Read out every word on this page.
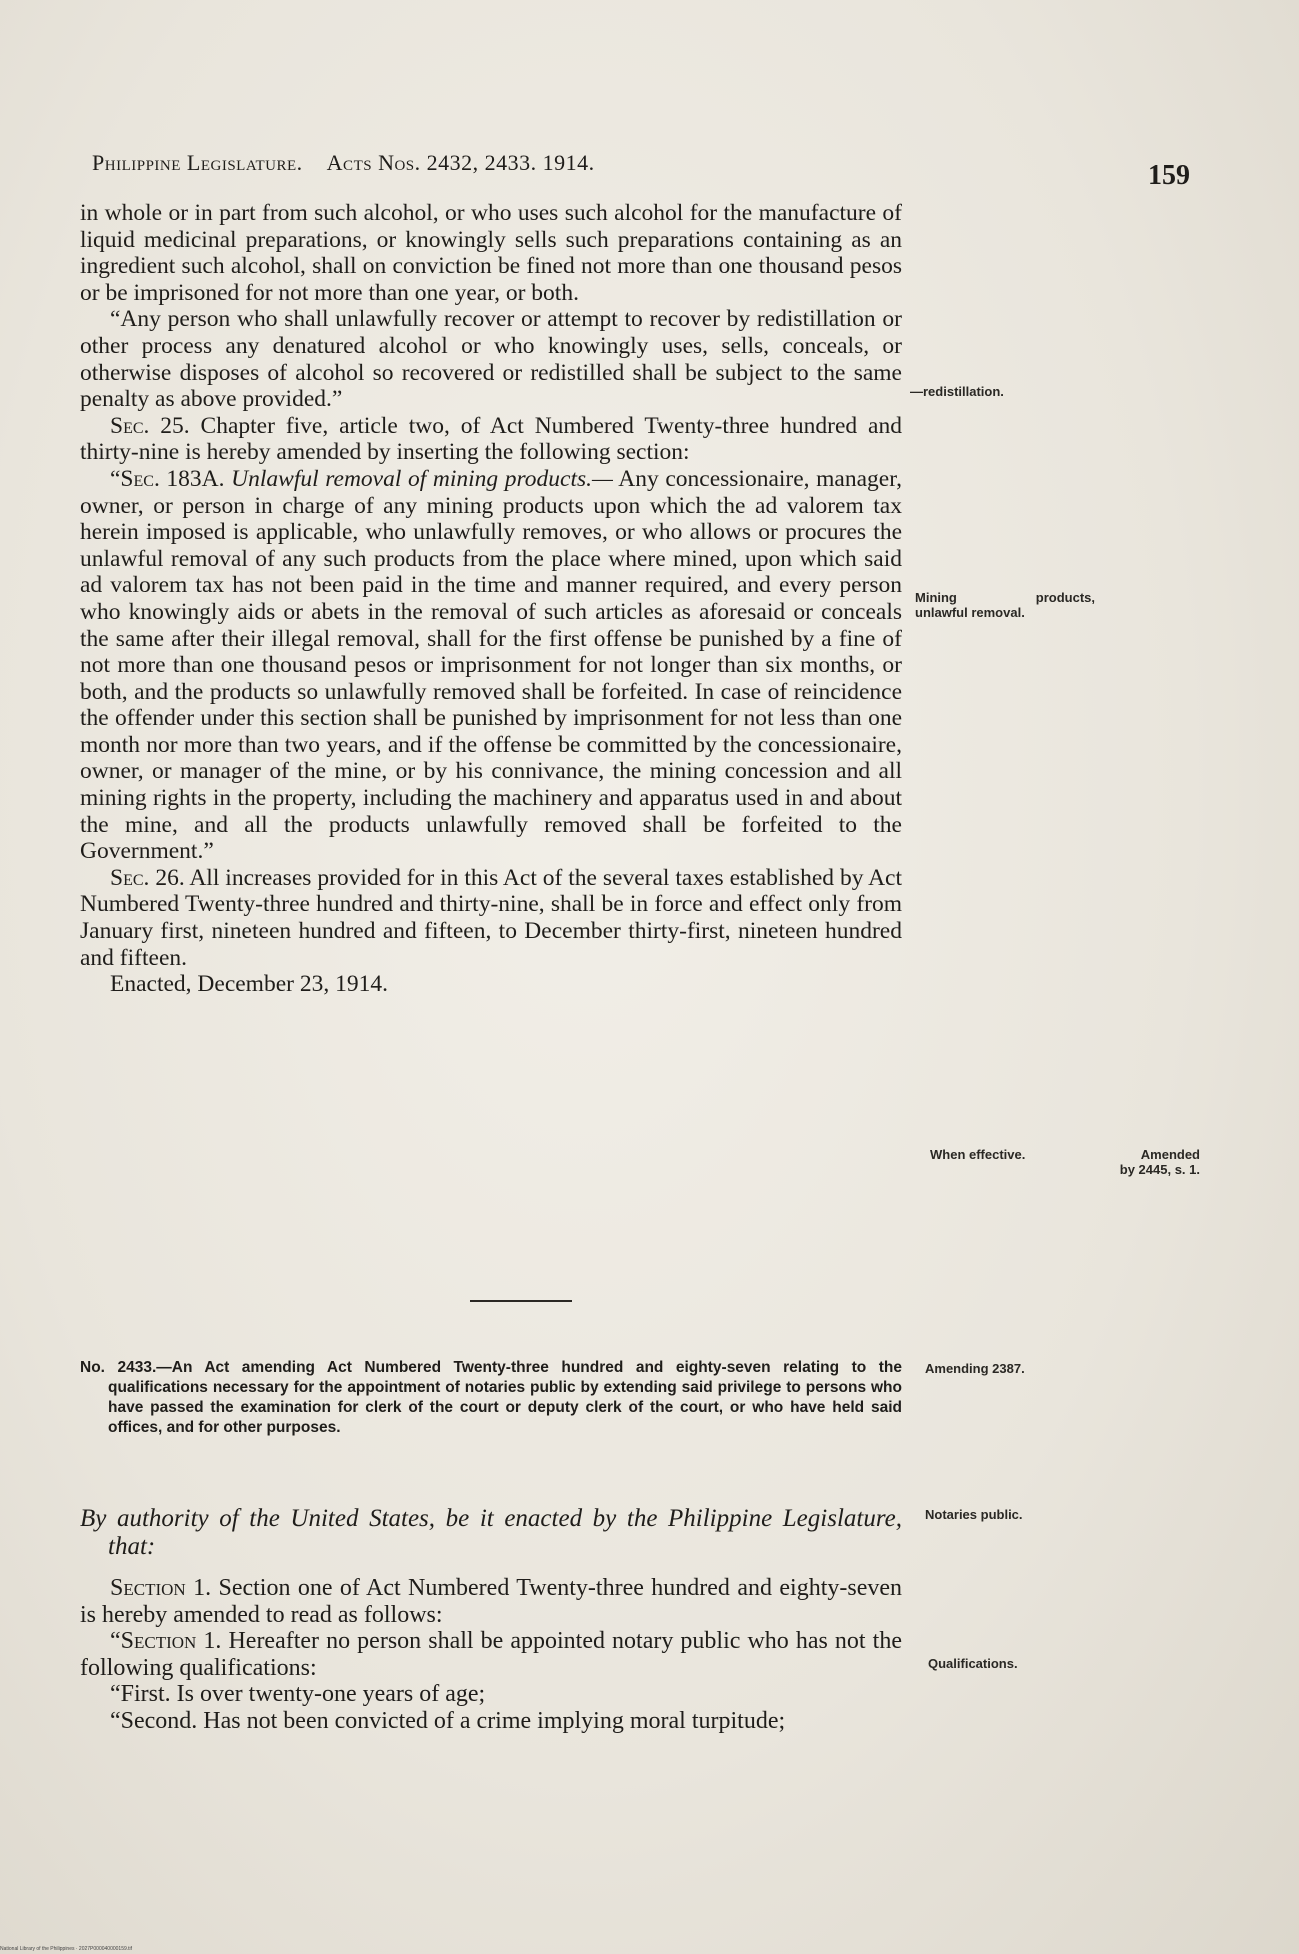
Philippine Legislature. Acts Nos. 2432, 2433. 1914.	159

in whole or in part from such alcohol, or who uses such alcohol for the manufacture of liquid medicinal preparations, or knowingly sells such preparations containing as an ingredient such alcohol, shall on conviction be fined not more than one thousand pesos or be imprisoned for not more than one year, or both.

“Any person who shall unlawfully recover or attempt to recover by redistillation or other process any denatured alcohol or who knowingly uses, sells, conceals, or otherwise disposes of alcohol so recovered or redistilled shall be subject to the same penalty as above provided.”

Sec. 25. Chapter five, article two, of Act Numbered Twenty-three hundred and thirty-nine is hereby amended by inserting the following section:

“Sec. 183A. Unlawful removal of mining products.— Any concessionaire, manager, owner, or person in charge of any mining products upon which the ad valorem tax herein imposed is applicable, who unlawfully removes, or who allows or procures the unlawful removal of any such products from the place where mined, upon which said ad valorem tax has not been paid in the time and manner required, and every person who knowingly aids or abets in the removal of such articles as aforesaid or conceals the same after their illegal removal, shall for the first offense be punished by a fine of not more than one thousand pesos or imprisonment for not longer than six months, or both, and the products so unlawfully removed shall be forfeited. In case of reincidence the offender under this section shall be punished by imprisonment for not less than one month nor more than two years, and if the offense be committed by the concessionaire, owner, or manager of the mine, or by his connivance, the mining concession and all mining rights in the property, including the machinery and apparatus used in and about the mine, and all the products unlawfully removed shall be forfeited to the Government.”

Sec. 26. All increases provided for in this Act of the several taxes established by Act Numbered Twenty-three hundred and thirty-nine, shall be in force and effect only from January first, nineteen hundred and fifteen, to December thirty-first, nineteen hundred and fifteen.

Enacted, December 23, 1914.

No. 2433.—An Act amending Act Numbered Twenty-three hundred and eighty-seven relating to the qualifications necessary for the appointment of notaries public by extending said privilege to persons who have passed the examination for clerk of the court or deputy clerk of the court, or who have held said offices, and for other purposes.

By authority of the United States, be it enacted by the Philippine Legislature, that:

Section 1. Section one of Act Numbered Twenty-three hundred and eighty-seven is hereby amended to read as follows:

“Section 1. Hereafter no person shall be appointed notary public who has not the following qualifications:

“First. Is over twenty-one years of age;

“Second. Has not been convicted of a crime implying moral turpitude;

—redistillation.
Mining products,
unlawful removal.
When effective.	Amended
by 2445, s. 1.
Amending 2387.
Notaries public.
Qualifications.
National Library of the Philippines · 2027P000040000159.tif
